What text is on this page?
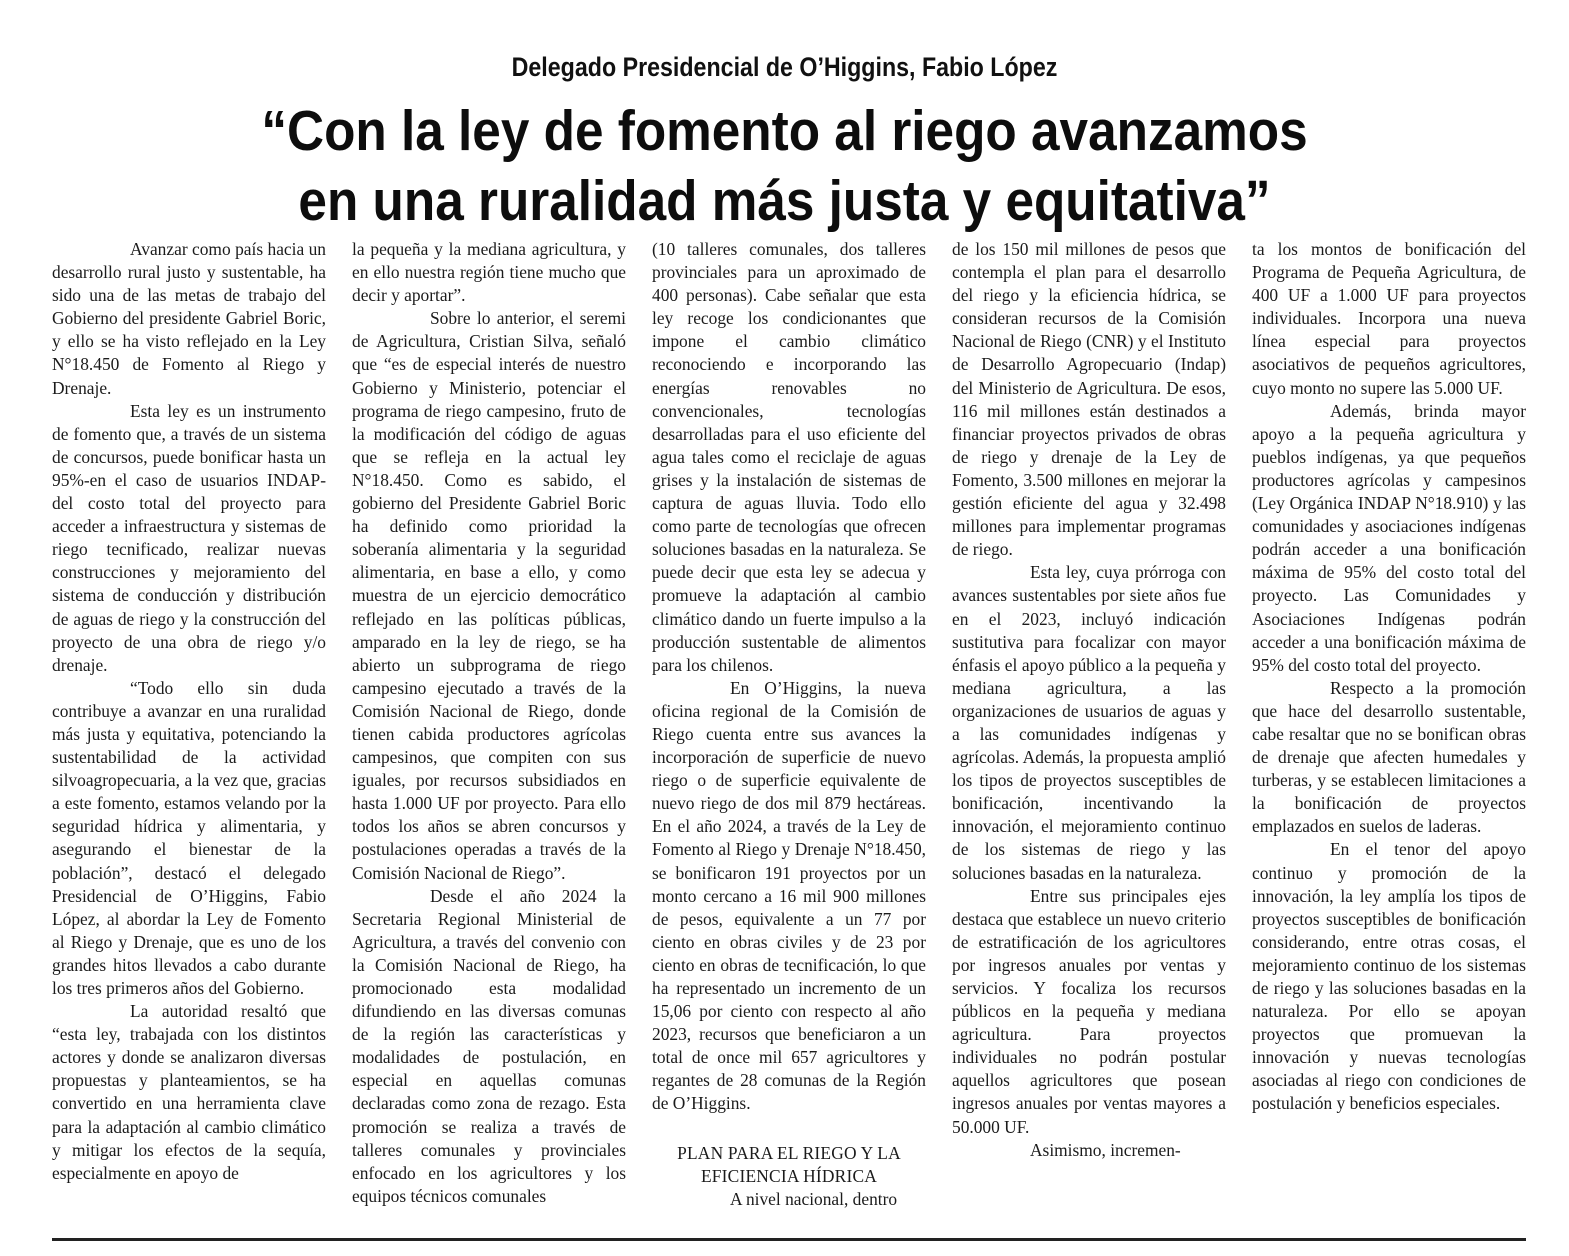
Delegado Presidencial de O’Higgins, Fabio López
“Con la ley de fomento al riego avanzamos
en una ruralidad más justa y equitativa”

Avanzar como país hacia un desarrollo rural justo y sustentable, ha sido una de las metas de trabajo del Gobierno del presidente Gabriel Boric, y ello se ha visto reflejado en la Ley N°18.450 de Fomento al Riego y Drenaje.

Esta ley es un instrumento de fomento que, a través de un sistema de concursos, puede bonificar hasta un 95%-en el caso de usuarios INDAP- del costo total del proyecto para acceder a infraestructura y sistemas de riego tecnificado, realizar nuevas construcciones y mejoramiento del sistema de conducción y distribución de aguas de riego y la construcción del proyecto de una obra de riego y/o drenaje.

“Todo ello sin duda contribuye a avanzar en una ruralidad más justa y equitativa, potenciando la sustentabilidad de la actividad silvoagropecuaria, a la vez que, gracias a este fomento, estamos velando por la seguridad hídrica y alimentaria, y asegurando el bienestar de la población”, destacó el delegado Presidencial de O’Higgins, Fabio López, al abordar la Ley de Fomento al Riego y Drenaje, que es uno de los grandes hitos llevados a cabo durante los tres primeros años del Gobierno.

La autoridad resaltó que “esta ley, trabajada con los distintos actores y donde se analizaron diversas propuestas y planteamientos, se ha convertido en una herramienta clave para la adaptación al cambio climático y mitigar los efectos de la sequía, especialmente en apoyo de

la pequeña y la mediana agricultura, y en ello nuestra región tiene mucho que decir y aportar”.

Sobre lo anterior, el seremi de Agricultura, Cristian Silva, señaló que “es de especial interés de nuestro Gobierno y Ministerio, potenciar el programa de riego campesino, fruto de la modificación del código de aguas que se refleja en la actual ley N°18.450. Como es sabido, el gobierno del Presidente Gabriel Boric ha definido como prioridad la soberanía alimentaria y la seguridad alimentaria, en base a ello, y como muestra de un ejercicio democrático reflejado en las políticas públicas, amparado en la ley de riego, se ha abierto un subprograma de riego campesino ejecutado a través de la Comisión Nacional de Riego, donde tienen cabida productores agrícolas campesinos, que compiten con sus iguales, por recursos subsidiados en hasta 1.000 UF por proyecto. Para ello todos los años se abren concursos y postulaciones operadas a través de la Comisión Nacional de Riego”.

Desde el año 2024 la Secretaria Regional Ministerial de Agricultura, a través del convenio con la Comisión Nacional de Riego, ha promocionado esta modalidad difundiendo en las diversas comunas de la región las características y modalidades de postulación, en especial en aquellas comunas declaradas como zona de rezago. Esta promoción se realiza a través de talleres comunales y provinciales enfocado en los agricultores y los equipos técnicos comunales

(10 talleres comunales, dos talleres provinciales para un aproximado de 400 personas). Cabe señalar que esta ley recoge los condicionantes que impone el cambio climático reconociendo e incorporando las energías renovables no convencionales, tecnologías desarrolladas para el uso eficiente del agua tales como el reciclaje de aguas grises y la instalación de sistemas de captura de aguas lluvia. Todo ello como parte de tecnologías que ofrecen soluciones basadas en la naturaleza. Se puede decir que esta ley se adecua y promueve la adaptación al cambio climático dando un fuerte impulso a la producción sustentable de alimentos para los chilenos.

En O’Higgins, la nueva oficina regional de la Comisión de Riego cuenta entre sus avances la incorporación de superficie de nuevo riego o de superficie equivalente de nuevo riego de dos mil 879 hectáreas. En el año 2024, a través de la Ley de Fomento al Riego y Drenaje N°18.450, se bonificaron 191 proyectos por un monto cercano a 16 mil 900 millones de pesos, equivalente a un 77 por ciento en obras civiles y de 23 por ciento en obras de tecnificación, lo que ha representado un incremento de un 15,06 por ciento con respecto al año 2023, recursos que beneficiaron a un total de once mil 657 agricultores y regantes de 28 comunas de la Región de O’Higgins.

PLAN PARA EL RIEGO Y LA EFICIENCIA HÍDRICA

A nivel nacional, dentro

de los 150 mil millones de pesos que contempla el plan para el desarrollo del riego y la eficiencia hídrica, se consideran recursos de la Comisión Nacional de Riego (CNR) y el Instituto de Desarrollo Agropecuario (Indap) del Ministerio de Agricultura. De esos, 116 mil millones están destinados a financiar proyectos privados de obras de riego y drenaje de la Ley de Fomento, 3.500 millones en mejorar la gestión eficiente del agua y 32.498 millones para implementar programas de riego.

Esta ley, cuya prórroga con avances sustentables por siete años fue en el 2023, incluyó indicación sustitutiva para focalizar con mayor énfasis el apoyo público a la pequeña y mediana agricultura, a las organizaciones de usuarios de aguas y a las comunidades indígenas y agrícolas. Además, la propuesta amplió los tipos de proyectos susceptibles de bonificación, incentivando la innovación, el mejoramiento continuo de los sistemas de riego y las soluciones basadas en la naturaleza.

Entre sus principales ejes destaca que establece un nuevo criterio de estratificación de los agricultores por ingresos anuales por ventas y servicios. Y focaliza los recursos públicos en la pequeña y mediana agricultura. Para proyectos individuales no podrán postular aquellos agricultores que posean ingresos anuales por ventas mayores a 50.000 UF.

Asimismo, incremen-

ta los montos de bonificación del Programa de Pequeña Agricultura, de 400 UF a 1.000 UF para proyectos individuales. Incorpora una nueva línea especial para proyectos asociativos de pequeños agricultores, cuyo monto no supere las 5.000 UF.

Además, brinda mayor apoyo a la pequeña agricultura y pueblos indígenas, ya que pequeños productores agrícolas y campesinos (Ley Orgánica INDAP N°18.910) y las comunidades y asociaciones indígenas podrán acceder a una bonificación máxima de 95% del costo total del proyecto. Las Comunidades y Asociaciones Indígenas podrán acceder a una bonificación máxima de 95% del costo total del proyecto.

Respecto a la promoción que hace del desarrollo sustentable, cabe resaltar que no se bonifican obras de drenaje que afecten humedales y turberas, y se establecen limitaciones a la bonificación de proyectos emplazados en suelos de laderas.

En el tenor del apoyo continuo y promoción de la innovación, la ley amplía los tipos de proyectos susceptibles de bonificación considerando, entre otras cosas, el mejoramiento continuo de los sistemas de riego y las soluciones basadas en la naturaleza. Por ello se apoyan proyectos que promuevan la innovación y nuevas tecnologías asociadas al riego con condiciones de postulación y beneficios especiales.
